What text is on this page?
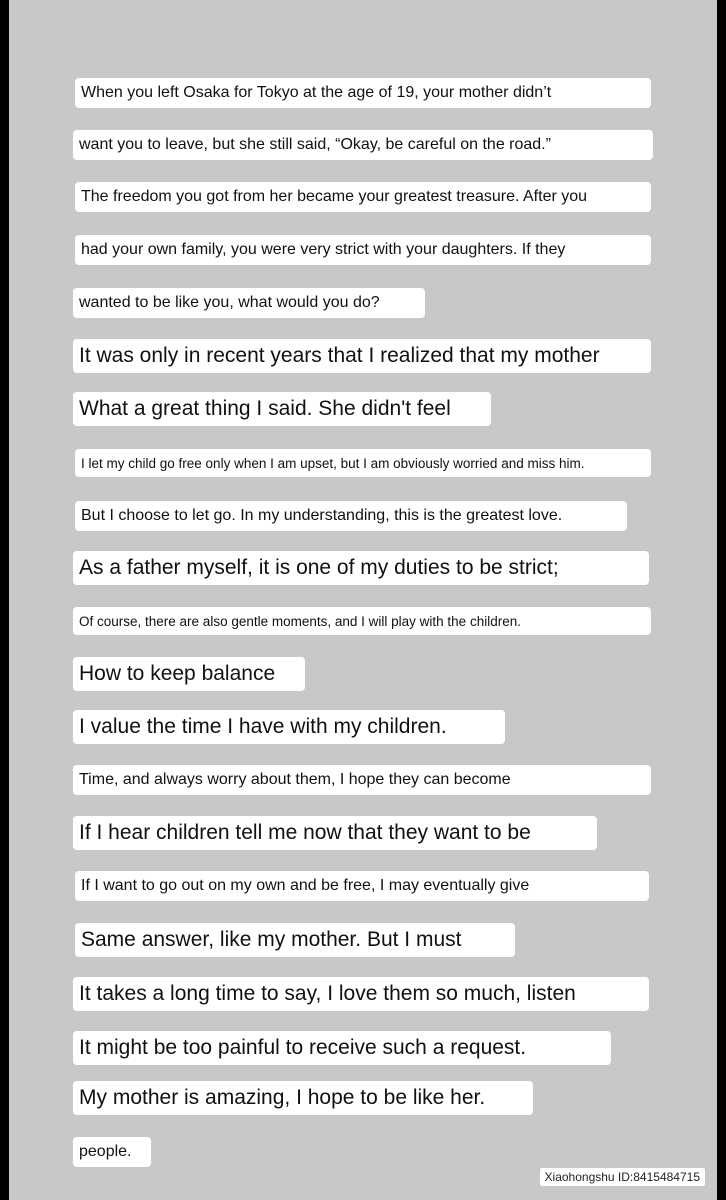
When you left Osaka for Tokyo at the age of 19, your mother didn’t
want you to leave, but she still said, “Okay, be careful on the road.”
The freedom you got from her became your greatest treasure. After you
had your own family, you were very strict with your daughters. If they
wanted to be like you, what would you do?
It was only in recent years that I realized that my mother
What a great thing I said. She didn't feel
I let my child go free only when I am upset, but I am obviously worried and miss him.
But I choose to let go. In my understanding, this is the greatest love.
As a father myself, it is one of my duties to be strict;
Of course, there are also gentle moments, and I will play with the children.
How to keep balance
I value the time I have with my children.
Time, and always worry about them, I hope they can become
If I hear children tell me now that they want to be
If I want to go out on my own and be free, I may eventually give
Same answer, like my mother. But I must
It takes a long time to say, I love them so much, listen
It might be too painful to receive such a request.
My mother is amazing, I hope to be like her.
people.
Xiaohongshu ID:8415484715
